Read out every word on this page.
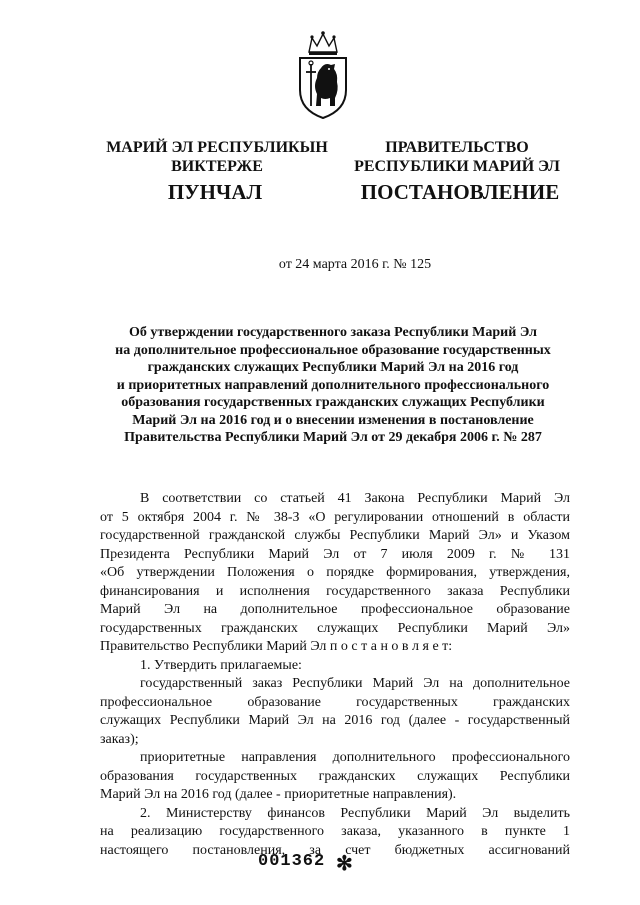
МАРИЙ ЭЛ РЕСПУБЛИКЫН
ВИКТЕРЖЕ
ПРАВИТЕЛЬСТВО
РЕСПУБЛИКИ МАРИЙ ЭЛ
ПУНЧАЛ	ПОСТАНОВЛЕНИЕ
от 24 марта 2016 г. № 125
Об утверждении государственного заказа Республики Марий Эл
на дополнительное профессиональное образование государственных
гражданских служащих Республики Марий Эл на 2016 год
и приоритетных направлений дополнительного профессионального
образования государственных гражданских служащих Республики
Марий Эл на 2016 год и о внесении изменения в постановление
Правительства Республики Марий Эл от 29 декабря 2006 г. № 287
В соответствии со статьей 41 Закона Республики Марий Эл
от 5 октября 2004 г. № 38-З «О регулировании отношений в области
государственной гражданской службы Республики Марий Эл» и Указом
Президента Республики Марий Эл от 7 июля 2009 г. № 131
«Об утверждении Положения о порядке формирования, утверждения,
финансирования и исполнения государственного заказа Республики
Марий Эл на дополнительное профессиональное образование
государственных гражданских служащих Республики Марий Эл»
Правительство Республики Марий Эл п о с т а н о в л я е т:
1. Утвердить прилагаемые:
государственный заказ Республики Марий Эл на дополнительное
профессиональное образование государственных гражданских
служащих Республики Марий Эл на 2016 год (далее - государственный
заказ);
приоритетные направления дополнительного профессионального
образования государственных гражданских служащих Республики
Марий Эл на 2016 год (далее - приоритетные направления).
2. Министерству финансов Республики Марий Эл выделить
на реализацию государственного заказа, указанного в пункте 1
настоящего постановления, за счет бюджетных ассигнований
001362 ✻
